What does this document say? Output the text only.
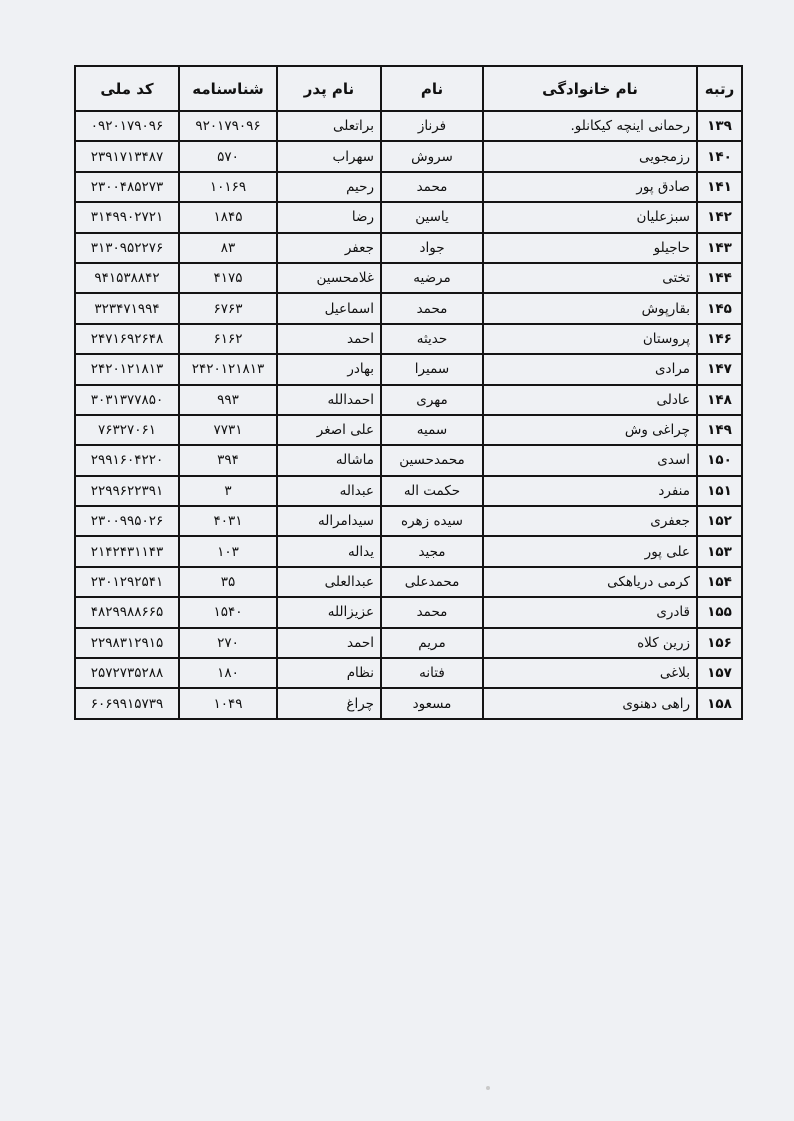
رتبه	نام خانوادگی	نام	نام پدر	شناسنامه	کد ملی
۱۳۹	رحمانی اینچه کیکانلو.	فرناز	براتعلی	۹۲۰۱۷۹۰۹۶	۰۹۲۰۱۷۹۰۹۶
۱۴۰	رزمجویی	سروش	سهراب	۵۷۰	۲۳۹۱۷۱۳۴۸۷
۱۴۱	صادق پور	محمد	رحیم	۱۰۱۶۹	۲۳۰۰۴۸۵۲۷۳
۱۴۲	سبزعلیان	یاسین	رضا	۱۸۴۵	۳۱۴۹۹۰۲۷۲۱
۱۴۳	حاجیلو	جواد	جعفر	۸۳	۳۱۳۰۹۵۲۲۷۶
۱۴۴	تختی	مرضیه	غلامحسین	۴۱۷۵	۹۴۱۵۳۸۸۴۲
۱۴۵	بقارپوش	محمد	اسماعیل	۶۷۶۳	۳۲۳۴۷۱۹۹۴
۱۴۶	پروستان	حدیثه	احمد	۶۱۶۲	۲۴۷۱۶۹۲۶۴۸
۱۴۷	مرادی	سمیرا	بهادر	۲۴۲۰۱۲۱۸۱۳	۲۴۲۰۱۲۱۸۱۳
۱۴۸	عادلی	مهری	احمدالله	۹۹۳	۳۰۳۱۳۷۷۸۵۰
۱۴۹	چراغی وش	سمیه	علی اصغر	۷۷۳۱	۷۶۳۲۷۰۶۱
۱۵۰	اسدی	محمدحسین	ماشاله	۳۹۴	۲۹۹۱۶۰۴۲۲۰
۱۵۱	منفرد	حکمت اله	عبداله	۳	۲۲۹۹۶۲۲۳۹۱
۱۵۲	جعفری	سیده زهره	سیدامراله	۴۰۳۱	۲۳۰۰۹۹۵۰۲۶
۱۵۳	علی پور	مجید	یداله	۱۰۳	۲۱۴۲۴۳۱۱۴۳
۱۵۴	کرمی دریاهکی	محمدعلی	عبدالعلی	۳۵	۲۳۰۱۲۹۲۵۴۱
۱۵۵	قادری	محمد	عزیزالله	۱۵۴۰	۴۸۲۹۹۸۸۶۶۵
۱۵۶	زرین کلاه	مریم	احمد	۲۷۰	۲۲۹۸۳۱۲۹۱۵
۱۵۷	بلاغی	فتانه	نظام	۱۸۰	۲۵۷۲۷۳۵۲۸۸
۱۵۸	راهی دهنوی	مسعود	چراغ	۱۰۴۹	۶۰۶۹۹۱۵۷۳۹
